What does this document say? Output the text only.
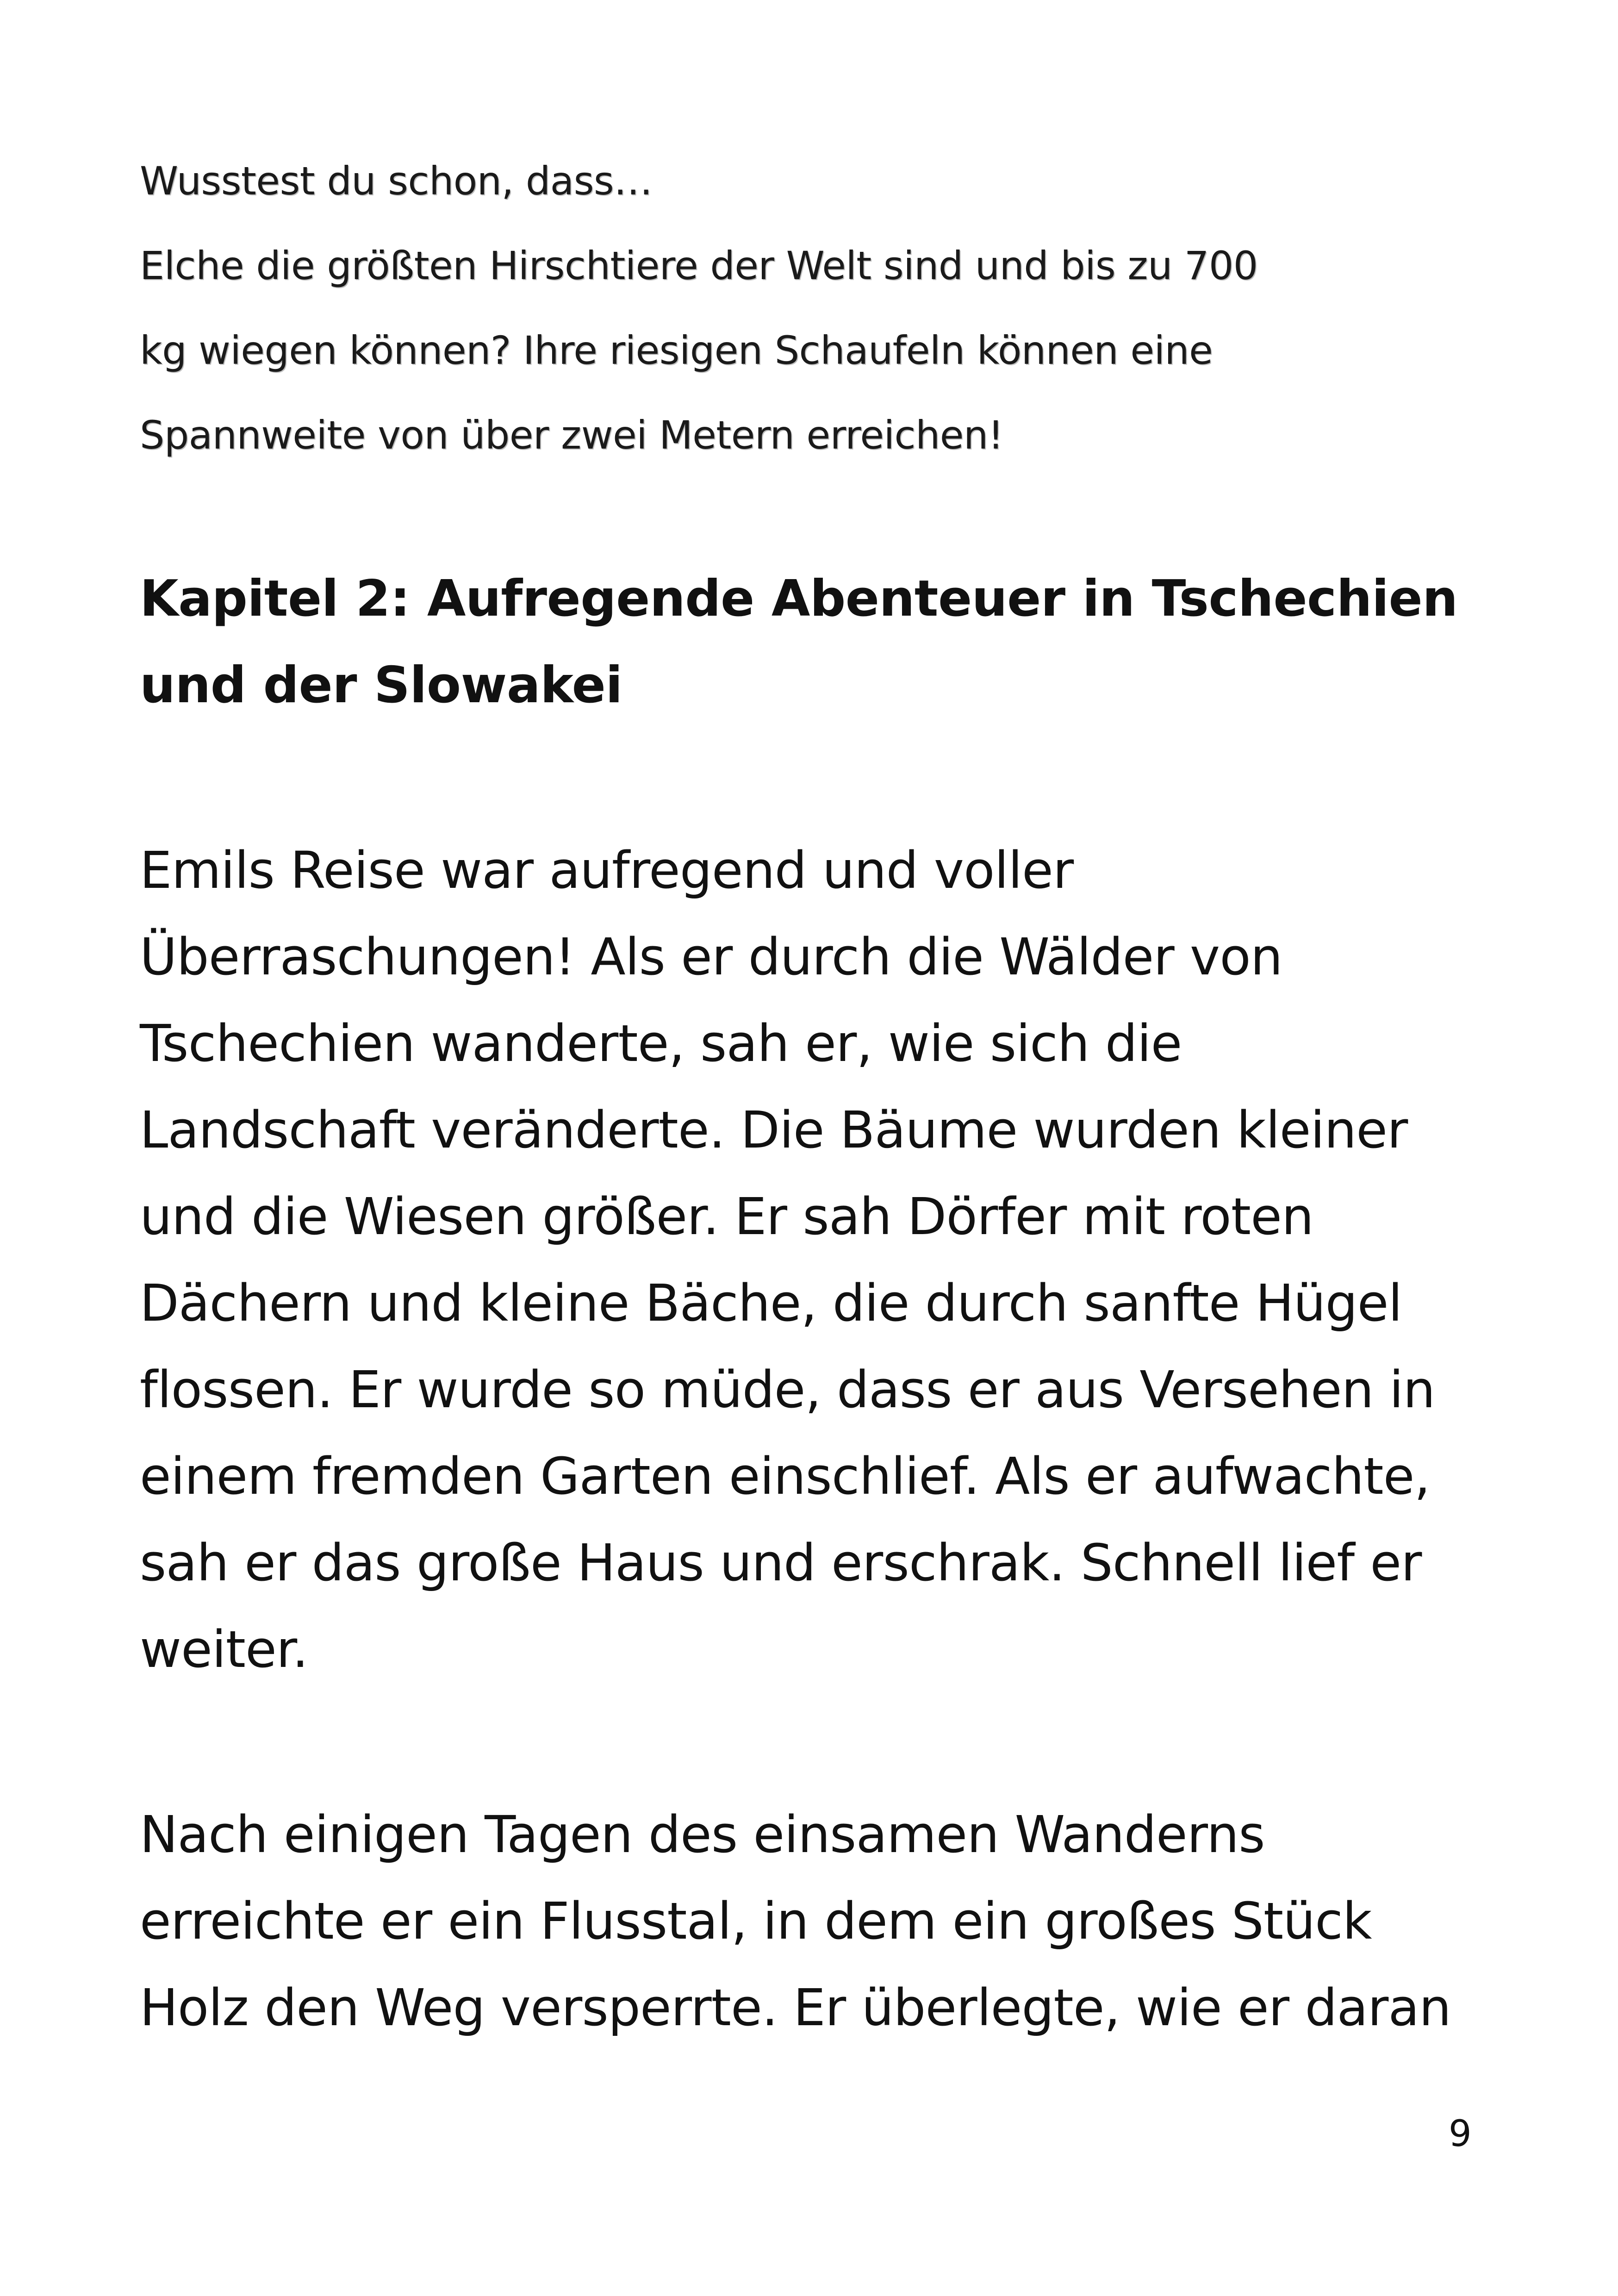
Wusstest du schon, dass…
Elche die größten Hirschtiere der Welt sind und bis zu 700
kg wiegen können? Ihre riesigen Schaufeln können eine
Spannweite von über zwei Metern erreichen!
Kapitel 2: Aufregende Abenteuer in Tschechien
und der Slowakei
Emils Reise war aufregend und voller
Überraschungen! Als er durch die Wälder von
Tschechien wanderte, sah er, wie sich die
Landschaft veränderte. Die Bäume wurden kleiner
und die Wiesen größer. Er sah Dörfer mit roten
Dächern und kleine Bäche, die durch sanfte Hügel
flossen. Er wurde so müde, dass er aus Versehen in
einem fremden Garten einschlief. Als er aufwachte,
sah er das große Haus und erschrak. Schnell lief er
weiter.
Nach einigen Tagen des einsamen Wanderns
erreichte er ein Flusstal, in dem ein großes Stück
Holz den Weg versperrte. Er überlegte, wie er daran
9
